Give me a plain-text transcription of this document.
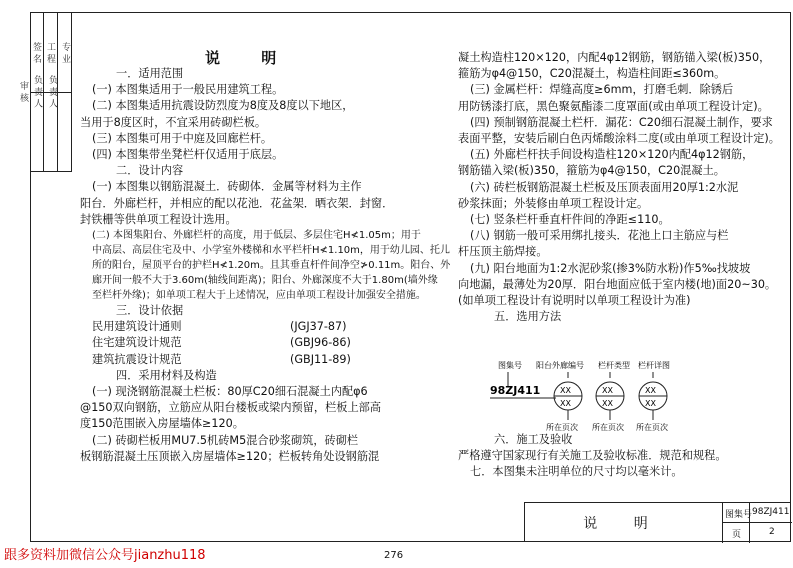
签 名
审 核
工 程
负 责 人
专 业
负 责 人
说 明

一．适用范围

(一) 本图集适用于一般民用建筑工程。

(二) 本图集适用抗震设防烈度为8度及8度以下地区，

当用于8度区时，不宜采用砖砌栏板。

(三) 本图集可用于中庭及回廊栏杆。

(四) 本图集带坐凳栏杆仅适用于底层。

二．设计内容

(一) 本图集以钢筋混凝土．砖砌体．金属等材料为主作

阳台．外廊栏杆，并相应的配以花池．花盆架．晒衣架．封窗．

封铁栅等供单项工程设计选用。

(二) 本图集阳台、外廊栏杆的高度，用于低层、多层住宅H≮1.05m；用于

中高层、高层住宅及中、小学室外楼梯和水平栏杆H≮1.10m，用于幼儿园、托儿

所的阳台，屋顶平台的护栏H≮1.20m。且其垂直杆件间净空≯0.11m。阳台、外

廊开间一般不大于3.60m(轴线间距离)；阳台、外廊深度不大于1.80m(墙外缘

至栏杆外缘)；如单项工程大于上述情况，应由单项工程设计加强安全措施。

三．设计依据

民用建筑设计通则	(JGJ37-87)
住宅建筑设计规范	(GBJ96-86)
建筑抗震设计规范	(GBJ11-89)

四．采用材料及构造

(一) 现浇钢筋混凝土栏板：80厚C20细石混凝土内配φ6

@150双向钢筋，立筋应从阳台楼板或梁内预留，栏板上部高

度150范围嵌入房屋墙体≥120。

(二) 砖砌栏板用MU7.5机砖M5混合砂浆砌筑，砖砌栏

板钢筋混凝土压顶嵌入房屋墙体≥120；栏板转角处设钢筋混

凝土构造柱120×120，内配4φ12钢筋，钢筋锚入梁(板)350，

箍筋为φ4@150，C20混凝土，构造柱间距≤360m。

(三) 金属栏杆：焊缝高度≥6mm，打磨毛刺．除锈后

用防锈漆打底，黑色聚氨酯漆二度罩面(或由单项工程设计定)。

(四) 预制钢筋混凝土栏杆．漏花：C20细石混凝土制作，要求

表面平整，安装后刷白色丙烯酸涂料二度(或由单项工程设计定)。

(五) 外廊栏杆扶手间设构造柱120×120内配4φ12钢筋，

钢筋锚入梁(板)350，箍筋为φ4@150，C20混凝土。

(六) 砖栏板钢筋混凝土栏板及压顶表面用20厚1:2水泥

砂浆抹面；外装修由单项工程设计定。

(七) 竖条栏杆垂直杆件间的净距≤110。

(八) 钢筋一般可采用绑扎接头．花池上口主筋应与栏

杆压顶主筋焊接。

(九) 阳台地面为1:2水泥砂浆(掺3%防水粉)作5‰找坡坡

向地漏，最薄处为20厚．阳台地面应低于室内楼(地)面20~30。

(如单项工程设计有说明时以单项工程设计为准)

五．选用方法

图集号 阳台外廊编号 栏杆类型 栏杆详图
98ZJ411 XX
XX
XX
XX
XX
XX
所在页次 所在页次 所在页次

六．施工及验收

严格遵守国家现行有关施工及验收标准．规范和规程。

七．本图集未注明单位的尺寸均以毫米计。

说 明
图集号 98ZJ411
页	2
跟多资料加微信公众号jianzhu118	276
